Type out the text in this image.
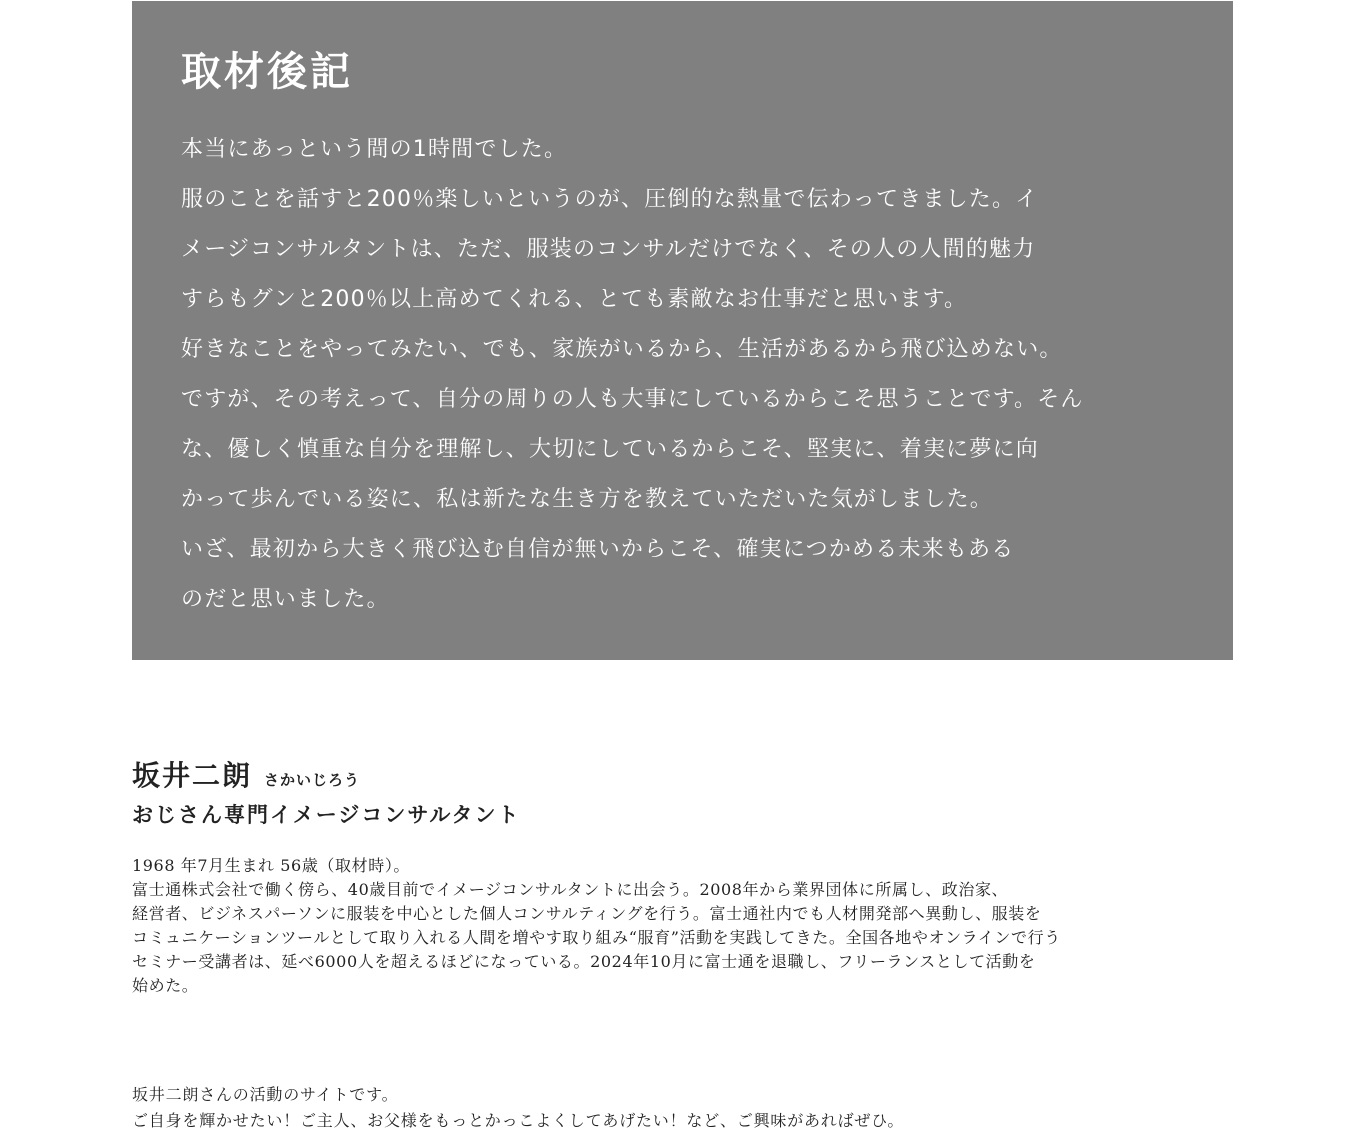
取材後記

本当にあっという間の1時間でした。

服のことを話すと200％楽しいというのが、圧倒的な熱量で伝わってきました。イ

メージコンサルタントは、ただ、服装のコンサルだけでなく、その人の人間的魅力

すらもグンと200％以上高めてくれる、とても素敵なお仕事だと思います。

好きなことをやってみたい、でも、家族がいるから、生活があるから飛び込めない。

ですが、その考えって、自分の周りの人も大事にしているからこそ思うことです。そん

な、優しく慎重な自分を理解し、大切にしているからこそ、堅実に、着実に夢に向

かって歩んでいる姿に、私は新たな生き方を教えていただいた気がしました。

いざ、最初から大きく飛び込む自信が無いからこそ、確実につかめる未来もある

のだと思いました。

坂井二朗 さかいじろう
おじさん専門イメージコンサルタント

1968 年7月生まれ 56歳（取材時）。

富士通株式会社で働く傍ら、40歳目前でイメージコンサルタントに出会う。2008年から業界団体に所属し、政治家、

経営者、ビジネスパーソンに服装を中心とした個人コンサルティングを行う。富士通社内でも人材開発部へ異動し、服装を

コミュニケーションツールとして取り入れる人間を増やす取り組み“服育”活動を実践してきた。全国各地やオンラインで行う

セミナー受講者は、延べ6000人を超えるほどになっている。2024年10月に富士通を退職し、フリーランスとして活動を

始めた。

坂井二朗さんの活動のサイトです。

ご自身を輝かせたい！ご主人、お父様をもっとかっこよくしてあげたい！など、ご興味があればぜひ。
